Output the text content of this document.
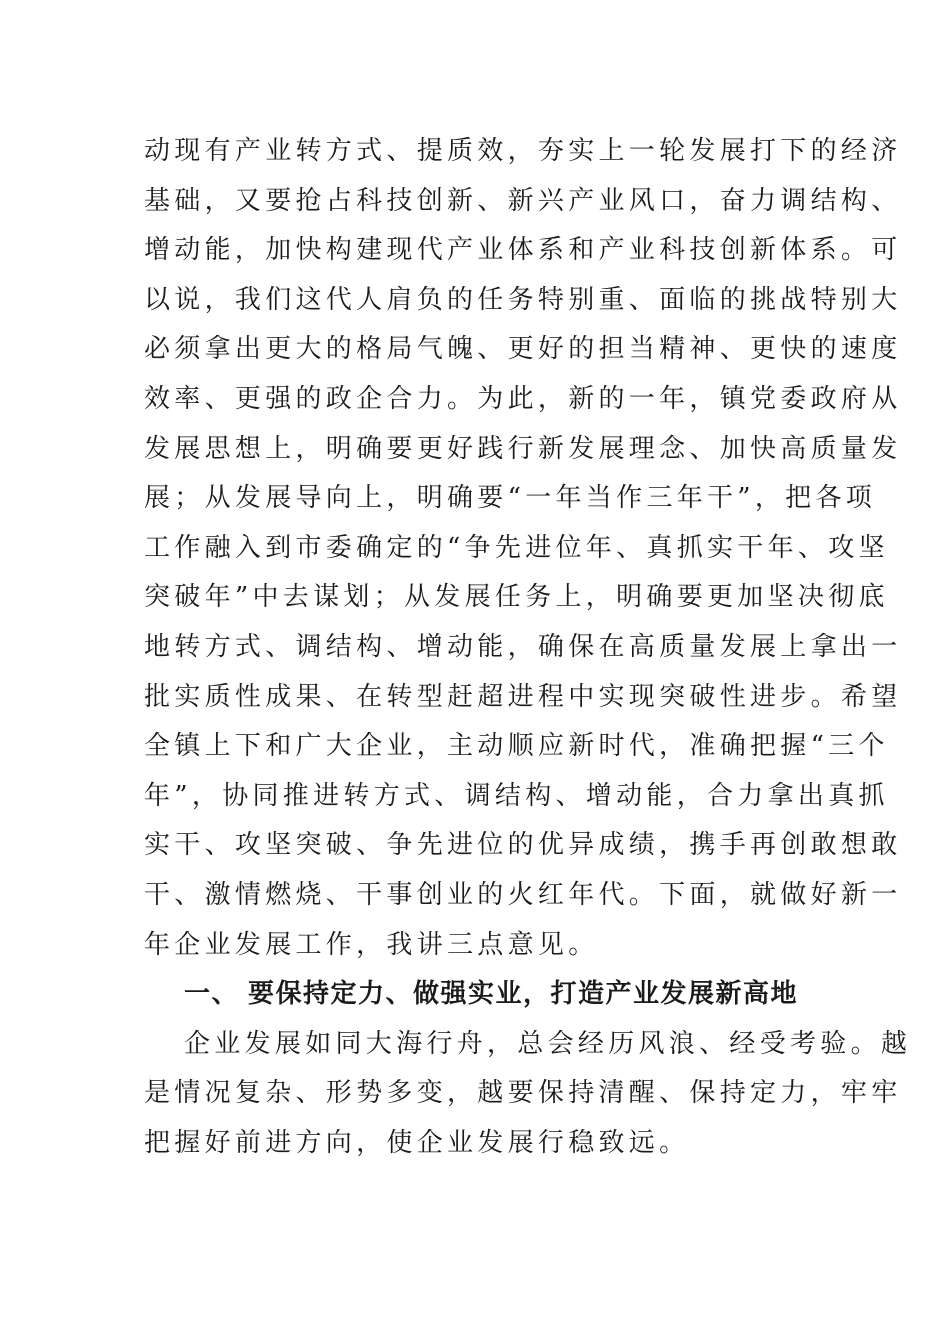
动现有产业转方式、提质效，夯实上一轮发展打下的经济
基础，又要抢占科技创新、新兴产业风口，奋力调结构、
增动能，加快构建现代产业体系和产业科技创新体系。可
以说，我们这代人肩负的任务特别重、面临的挑战特别大
必须拿出更大的格局气魄、更好的担当精神、更快的速度
效率、更强的政企合力。为此，新的一年，镇党委政府从
发展思想上，明确要更好践行新发展理念、加快高质量发
展；从发展导向上，明确要“一年当作三年干”，把各项
工作融入到市委确定的“争先进位年、真抓实干年、攻坚
突破年”中去谋划；从发展任务上，明确要更加坚决彻底
地转方式、调结构、增动能，确保在高质量发展上拿出一
批实质性成果、在转型赶超进程中实现突破性进步。希望
全镇上下和广大企业，主动顺应新时代，准确把握“三个
年”，协同推进转方式、调结构、增动能，合力拿出真抓
实干、攻坚突破、争先进位的优异成绩，携手再创敢想敢
干、激情燃烧、干事创业的火红年代。下面，就做好新一
年企业发展工作，我讲三点意见。
一、 要保持定力、做强实业，打造产业发展新高地
企业发展如同大海行舟，总会经历风浪、经受考验。越
是情况复杂、形势多变，越要保持清醒、保持定力，牢牢
把握好前进方向，使企业发展行稳致远。
